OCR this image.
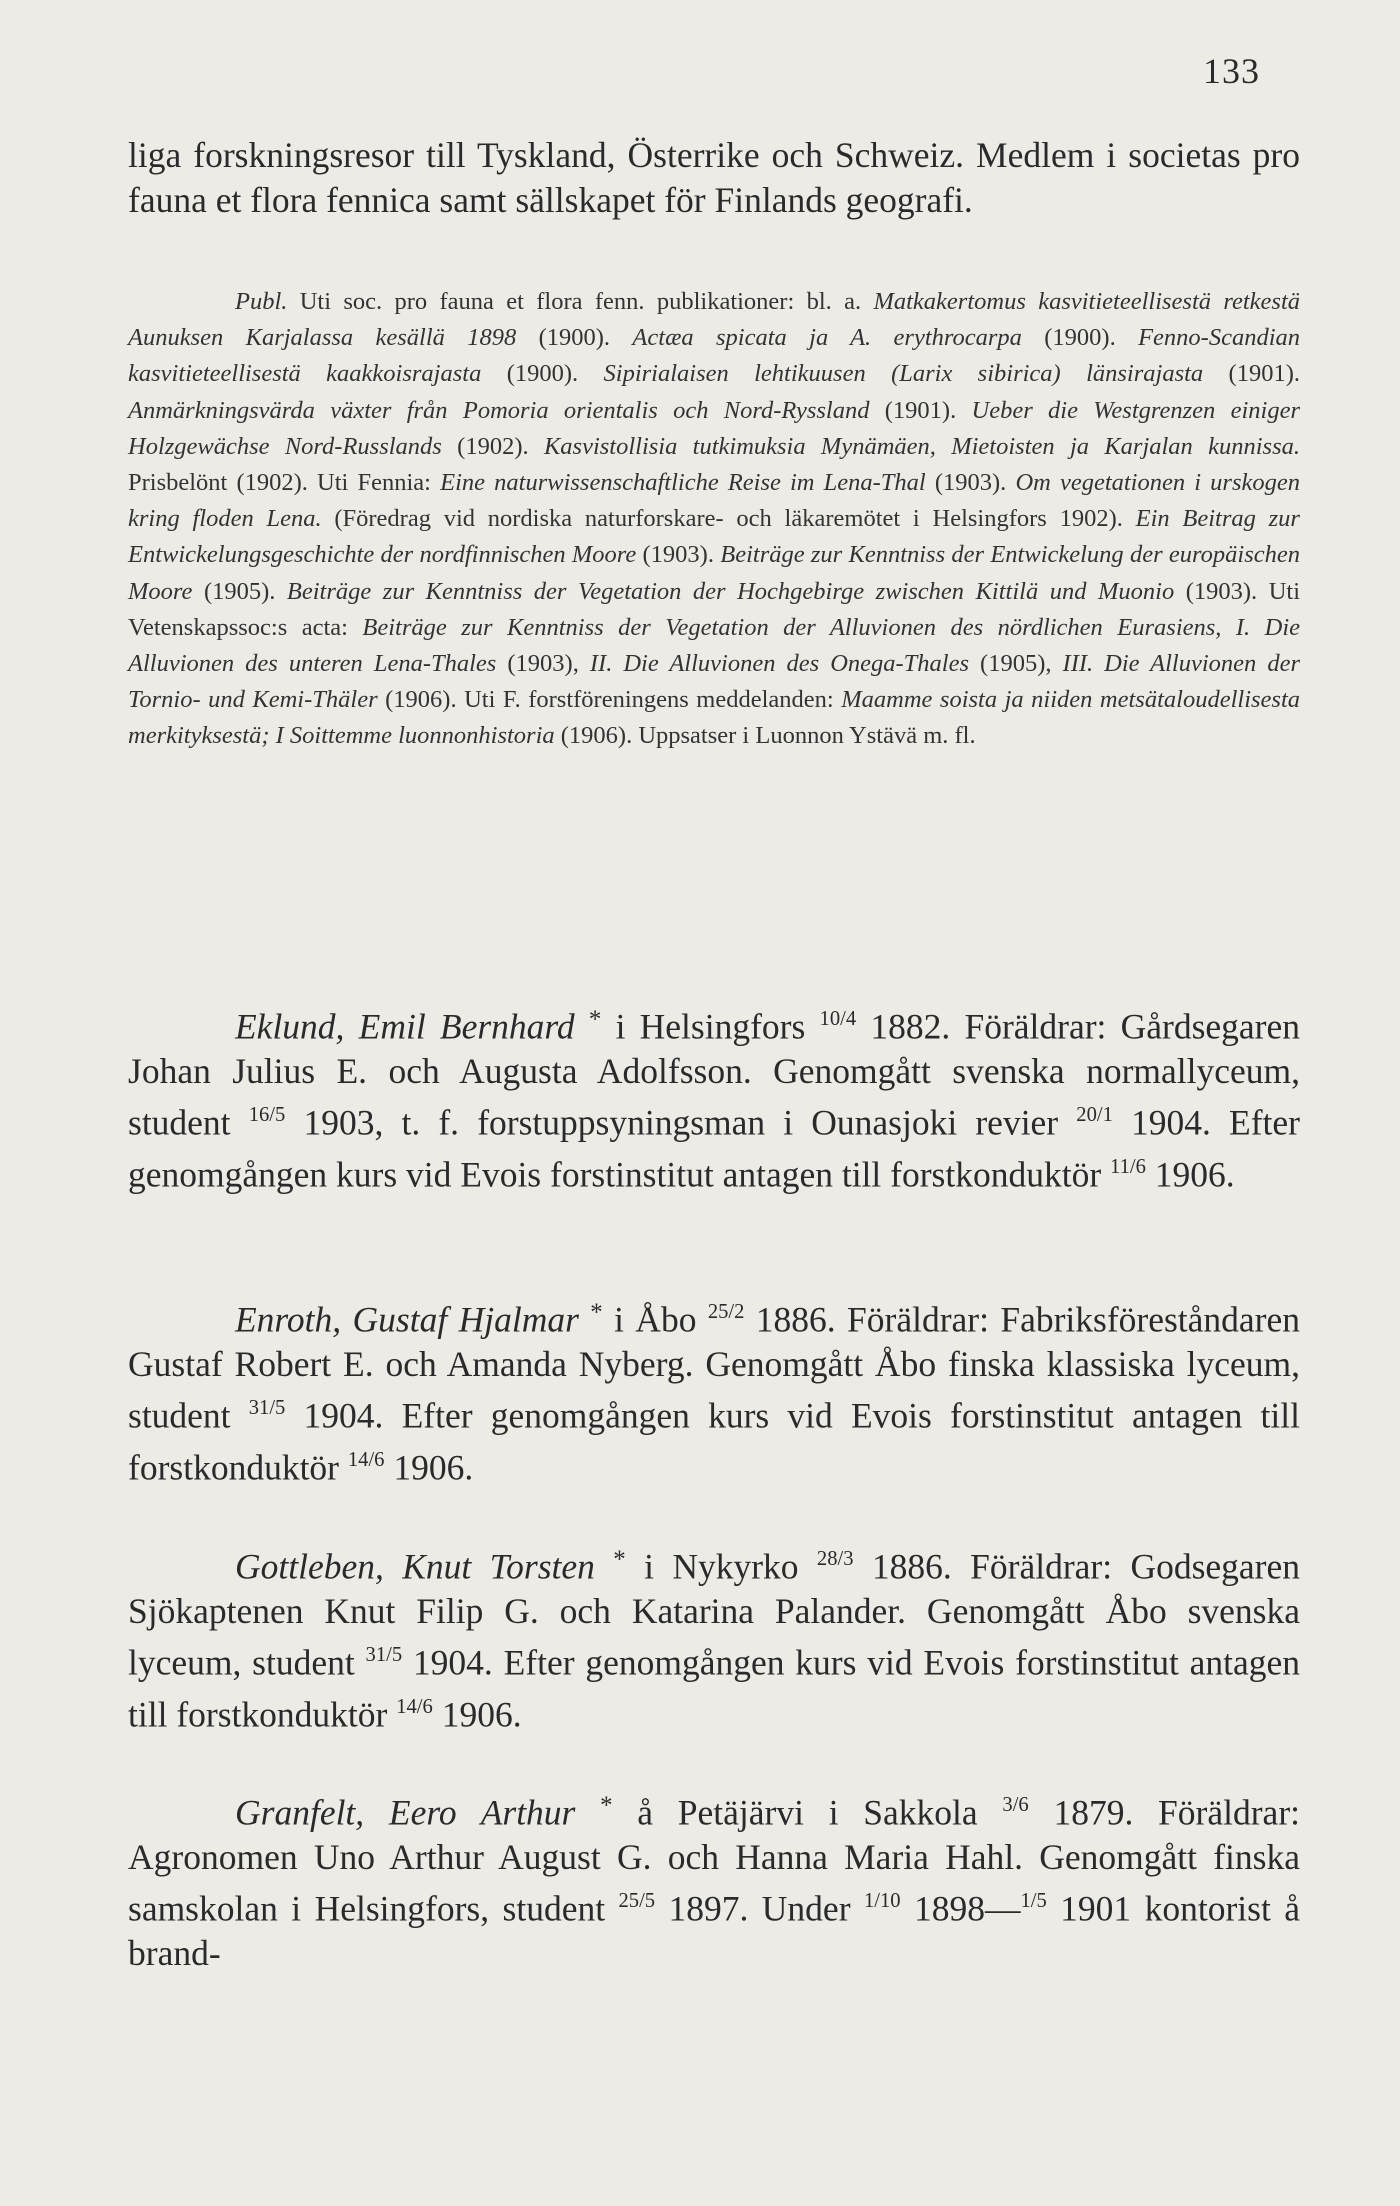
133

liga forskningsresor till Tyskland, Österrike och Schweiz. Medlem i societas pro fauna et flora fennica samt sällskapet för Finlands geografi.

Publ. Uti soc. pro fauna et flora fenn. publikationer: bl. a. Matkakertomus kasvitieteellisestä retkestä Aunuksen Karjalassa kesällä 1898 (1900). Actæa spicata ja A. erythrocarpa (1900). Fenno-Scandian kasvitieteellisestä kaakkoisrajasta (1900). Sipirialaisen lehtikuusen (Larix sibirica) länsirajasta (1901). Anmärkningsvärda växter från Pomoria orientalis och Nord-Ryssland (1901). Ueber die Westgrenzen einiger Holzgewächse Nord-Russlands (1902). Kasvistollisia tutkimuksia Mynämäen, Mietoisten ja Karjalan kunnissa. Prisbelönt (1902). Uti Fennia: Eine naturwissenschaftliche Reise im Lena-Thal (1903). Om vegetationen i urskogen kring floden Lena. (Föredrag vid nordiska naturforskare- och läkaremötet i Helsingfors 1902). Ein Beitrag zur Entwickelungsgeschichte der nordfinnischen Moore (1903). Beiträge zur Kenntniss der Entwickelung der europäischen Moore (1905). Beiträge zur Kenntniss der Vegetation der Hochgebirge zwischen Kittilä und Muonio (1903). Uti Vetenskapssoc:s acta: Beiträge zur Kenntniss der Vegetation der Alluvionen des nördlichen Eurasiens, I. Die Alluvionen des unteren Lena-Thales (1903), II. Die Alluvionen des Onega-Thales (1905), III. Die Alluvionen der Tornio- und Kemi-Thäler (1906). Uti F. forstföreningens meddelanden: Maamme soista ja niiden metsätaloudellisesta merkityksestä; I Soittemme luonnonhistoria (1906). Uppsatser i Luonnon Ystävä m. fl.

Eklund, Emil Bernhard * i Helsingfors $^{10/4}$ 1882. Föräldrar: Gårdsegaren Johan Julius E. och Augusta Adolfsson. Genomgått svenska normallyceum, student $^{16/5}$ 1903, t. f. forstuppsyningsman i Ounasjoki revier $^{20/1}$ 1904. Efter genomgången kurs vid Evois forstinstitut antagen till forstkonduktör $^{11/6}$ 1906.

Enroth, Gustaf Hjalmar * i Åbo $^{25/2}$ 1886. Föräldrar: Fabriksföreståndaren Gustaf Robert E. och Amanda Nyberg. Genomgått Åbo finska klassiska lyceum, student $^{31/5}$ 1904. Efter genomgången kurs vid Evois forstinstitut antagen till forstkonduktör $^{14/6}$ 1906.

Gottleben, Knut Torsten * i Nykyrko $^{28/3}$ 1886. Föräldrar: Godsegaren Sjökaptenen Knut Filip G. och Katarina Palander. Genomgått Åbo svenska lyceum, student $^{31/5}$ 1904. Efter genomgången kurs vid Evois forstinstitut antagen till forstkonduktör $^{14/6}$ 1906.

Granfelt, Eero Arthur * å Petäjärvi i Sakkola $^{3/6}$ 1879. Föräldrar: Agronomen Uno Arthur August G. och Hanna Maria Hahl. Genomgått finska samskolan i Helsingfors, student $^{25/5}$ 1897. Under $^{1/10}$ 1898—$^{1/5}$ 1901 kontorist å brand-
